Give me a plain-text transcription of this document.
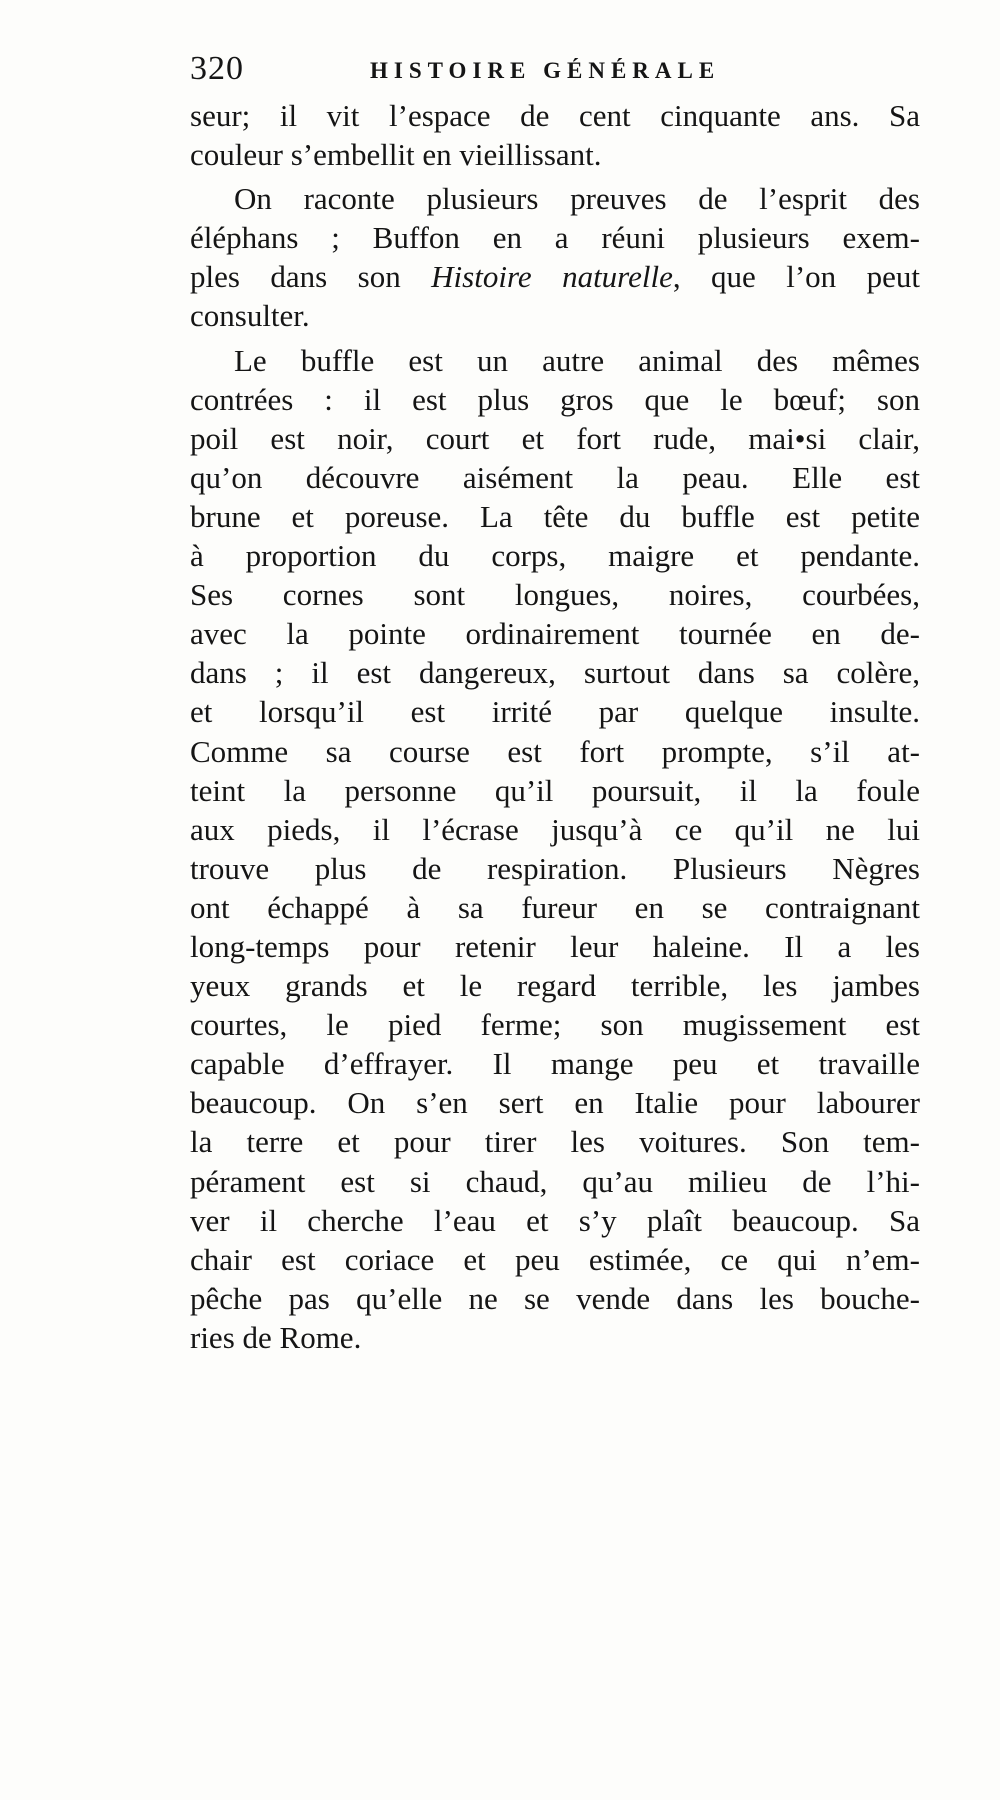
320	HISTOIRE GÉNÉRALE
seur; il vit l’espace de cent cinquante ans. Sa
couleur s’embellit en vieillissant.
On raconte plusieurs preuves de l’esprit des
éléphans ; Buffon en a réuni plusieurs exem-
ples dans son Histoire naturelle, que l’on peut
consulter.
Le buffle est un autre animal des mêmes
contrées : il est plus gros que le bœuf; son
poil est noir, court et fort rude, mai•si clair,
qu’on découvre aisément la peau. Elle est
brune et poreuse. La tête du buffle est petite
à proportion du corps, maigre et pendante.
Ses cornes sont longues, noires, courbées,
avec la pointe ordinairement tournée en de-
dans ; il est dangereux, surtout dans sa colère,
et lorsqu’il est irrité par quelque insulte.
Comme sa course est fort prompte, s’il at-
teint la personne qu’il poursuit, il la foule
aux pieds, il l’écrase jusqu’à ce qu’il ne lui
trouve plus de respiration. Plusieurs Nègres
ont échappé à sa fureur en se contraignant
long-temps pour retenir leur haleine. Il a les
yeux grands et le regard terrible, les jambes
courtes, le pied ferme; son mugissement est
capable d’effrayer. Il mange peu et travaille
beaucoup. On s’en sert en Italie pour labourer
la terre et pour tirer les voitures. Son tem-
pérament est si chaud, qu’au milieu de l’hi-
ver il cherche l’eau et s’y plaît beaucoup. Sa
chair est coriace et peu estimée, ce qui n’em-
pêche pas qu’elle ne se vende dans les bouche-
ries de Rome.
